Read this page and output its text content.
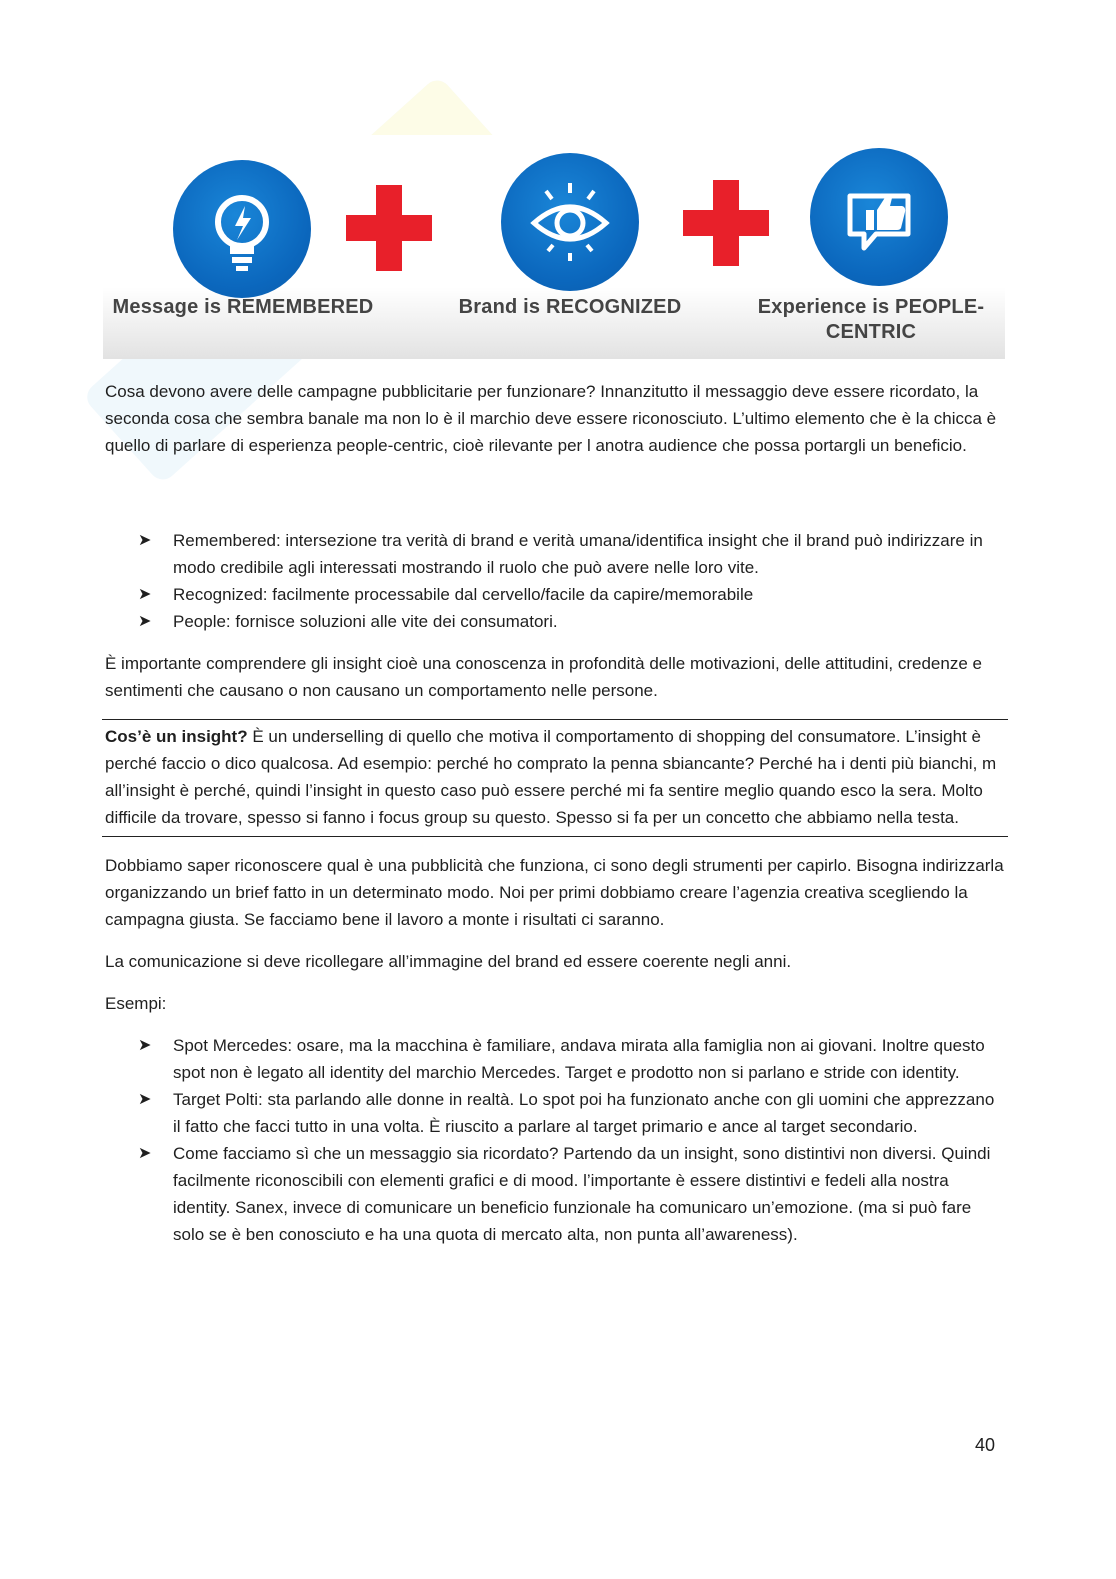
Message is REMEMBERED	Brand is RECOGNIZED	Experience is PEOPLE-CENTRIC

Cosa devono avere delle campagne pubblicitarie per funzionare? Innanzitutto il messaggio deve essere ricordato, la seconda cosa che sembra banale ma non lo è il marchio deve essere riconosciuto. L’ultimo elemento che è la chicca è quello di parlare di esperienza people-centric, cioè rilevante per l anotra audience che possa portargli un beneficio.

➤ Remembered: intersezione tra verità di brand e verità umana/identifica insight che il brand può indirizzare in modo credibile agli interessati mostrando il ruolo che può avere nelle loro vite.
➤ Recognized: facilmente processabile dal cervello/facile da capire/memorabile
➤ People: fornisce soluzioni alle vite dei consumatori.

È importante comprendere gli insight cioè una conoscenza in profondità delle motivazioni, delle attitudini, credenze e sentimenti che causano o non causano un comportamento nelle persone.

Cos’è un insight? È un underselling di quello che motiva il comportamento di shopping del consumatore. L’insight è perché faccio o dico qualcosa. Ad esempio: perché ho comprato la penna sbiancante? Perché ha i denti più bianchi, m all’insight è perché, quindi l’insight in questo caso può essere perché mi fa sentire meglio quando esco la sera. Molto difficile da trovare, spesso si fanno i focus group su questo. Spesso si fa per un concetto che abbiamo nella testa.

Dobbiamo saper riconoscere qual è una pubblicità che funziona, ci sono degli strumenti per capirlo. Bisogna indirizzarla organizzando un brief fatto in un determinato modo. Noi per primi dobbiamo creare l’agenzia creativa scegliendo la campagna giusta. Se facciamo bene il lavoro a monte i risultati ci saranno.

La comunicazione si deve ricollegare all’immagine del brand ed essere coerente negli anni.

Esempi:

➤ Spot Mercedes: osare, ma la macchina è familiare, andava mirata alla famiglia non ai giovani. Inoltre questo spot non è legato all identity del marchio Mercedes. Target e prodotto non si parlano e stride con identity.
➤ Target Polti: sta parlando alle donne in realtà. Lo spot poi ha funzionato anche con gli uomini che apprezzano il fatto che facci tutto in una volta. È riuscito a parlare al target primario e ance al target secondario.
➤ Come facciamo sì che un messaggio sia ricordato? Partendo da un insight, sono distintivi non diversi. Quindi facilmente riconoscibili con elementi grafici e di mood. l’importante è essere distintivi e fedeli alla nostra identity. Sanex, invece di comunicare un beneficio funzionale ha comunicaro un’emozione. (ma si può fare solo se è ben conosciuto e ha una quota di mercato alta, non punta all’awareness).
40
